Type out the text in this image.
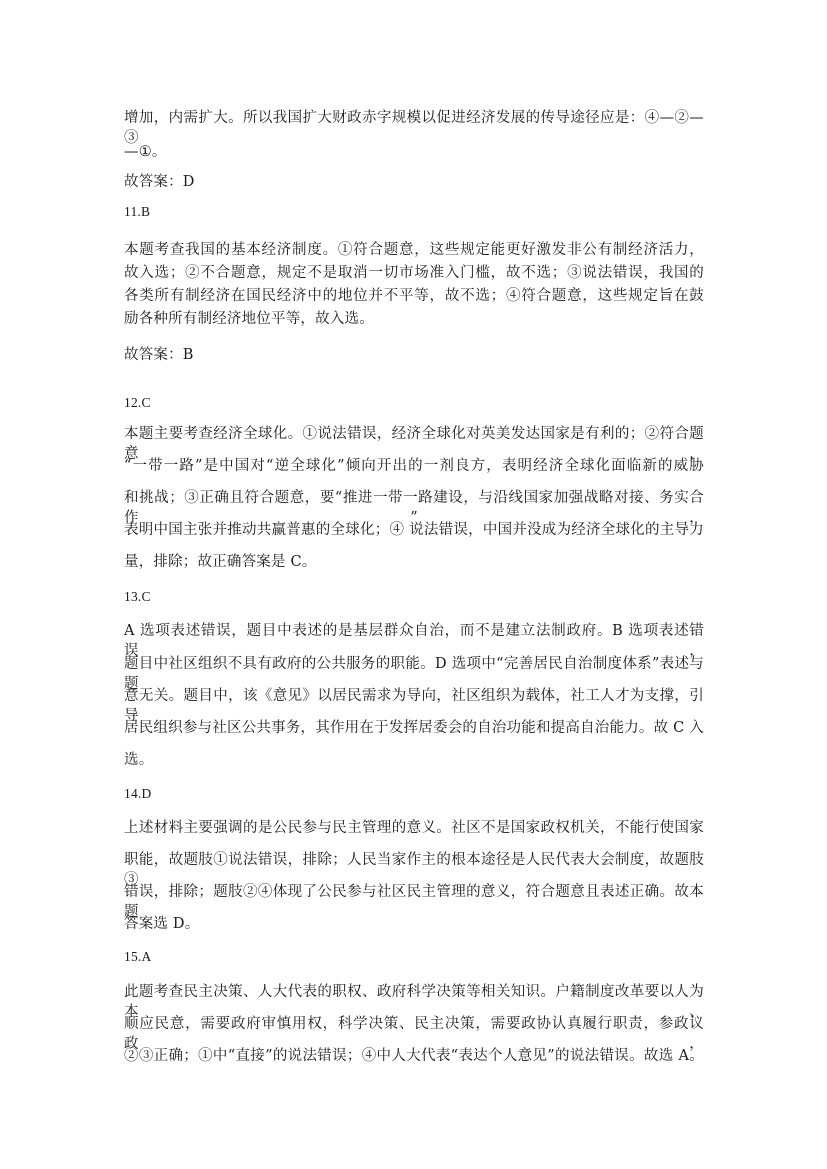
增加，内需扩大。所以我国扩大财政赤字规模以促进经济发展的传导途径应是：④—②—③
—①。
故答案：D
11.B
本题考查我国的基本经济制度。①符合题意，这些规定能更好激发非公有制经济活力，
故入选；②不合题意，规定不是取消一切市场准入门槛，故不选；③说法错误，我国的
各类所有制经济在国民经济中的地位并不平等，故不选；④符合题意，这些规定旨在鼓
励各种所有制经济地位平等，故入选。
故答案：B
12.C
本题主要考查经济全球化。①说法错误，经济全球化对英美发达国家是有利的；②符合题意，
“一带一路”是中国对“逆全球化”倾向开出的一剂良方，表明经济全球化面临新的威胁
和挑战；③正确且符合题意，要“推进一带一路建设，与沿线国家加强战略对接、务实合作”，
表明中国主张并推动共赢普惠的全球化；④ 说法错误，中国并没成为经济全球化的主导力
量，排除；故正确答案是 C。
13.C
A 选项表述错误，题目中表述的是基层群众自治，而不是建立法制政府。B 选项表述错误，
题目中社区组织不具有政府的公共服务的职能。D 选项中“完善居民自治制度体系”表述与题
意无关。题目中，该《意见》以居民需求为导向，社区组织为载体，社工人才为支撑，引导
居民组织参与社区公共事务，其作用在于发挥居委会的自治功能和提高自治能力。故 C 入
选。
14.D
上述材料主要强调的是公民参与民主管理的意义。社区不是国家政权机关，不能行使国家
职能，故题肢①说法错误，排除；人民当家作主的根本途径是人民代表大会制度，故题肢③
错误，排除；题肢②④体现了公民参与社区民主管理的意义，符合题意且表述正确。故本题
答案选 D。
15.A
此题考查民主决策、人大代表的职权、政府科学决策等相关知识。户籍制度改革要以人为本、
顺应民意，需要政府审慎用权，科学决策、民主决策，需要政协认真履行职责，参政议政，
②③正确；①中“直接”的说法错误；④中人大代表“表达个人意见”的说法错误。故选 A。
